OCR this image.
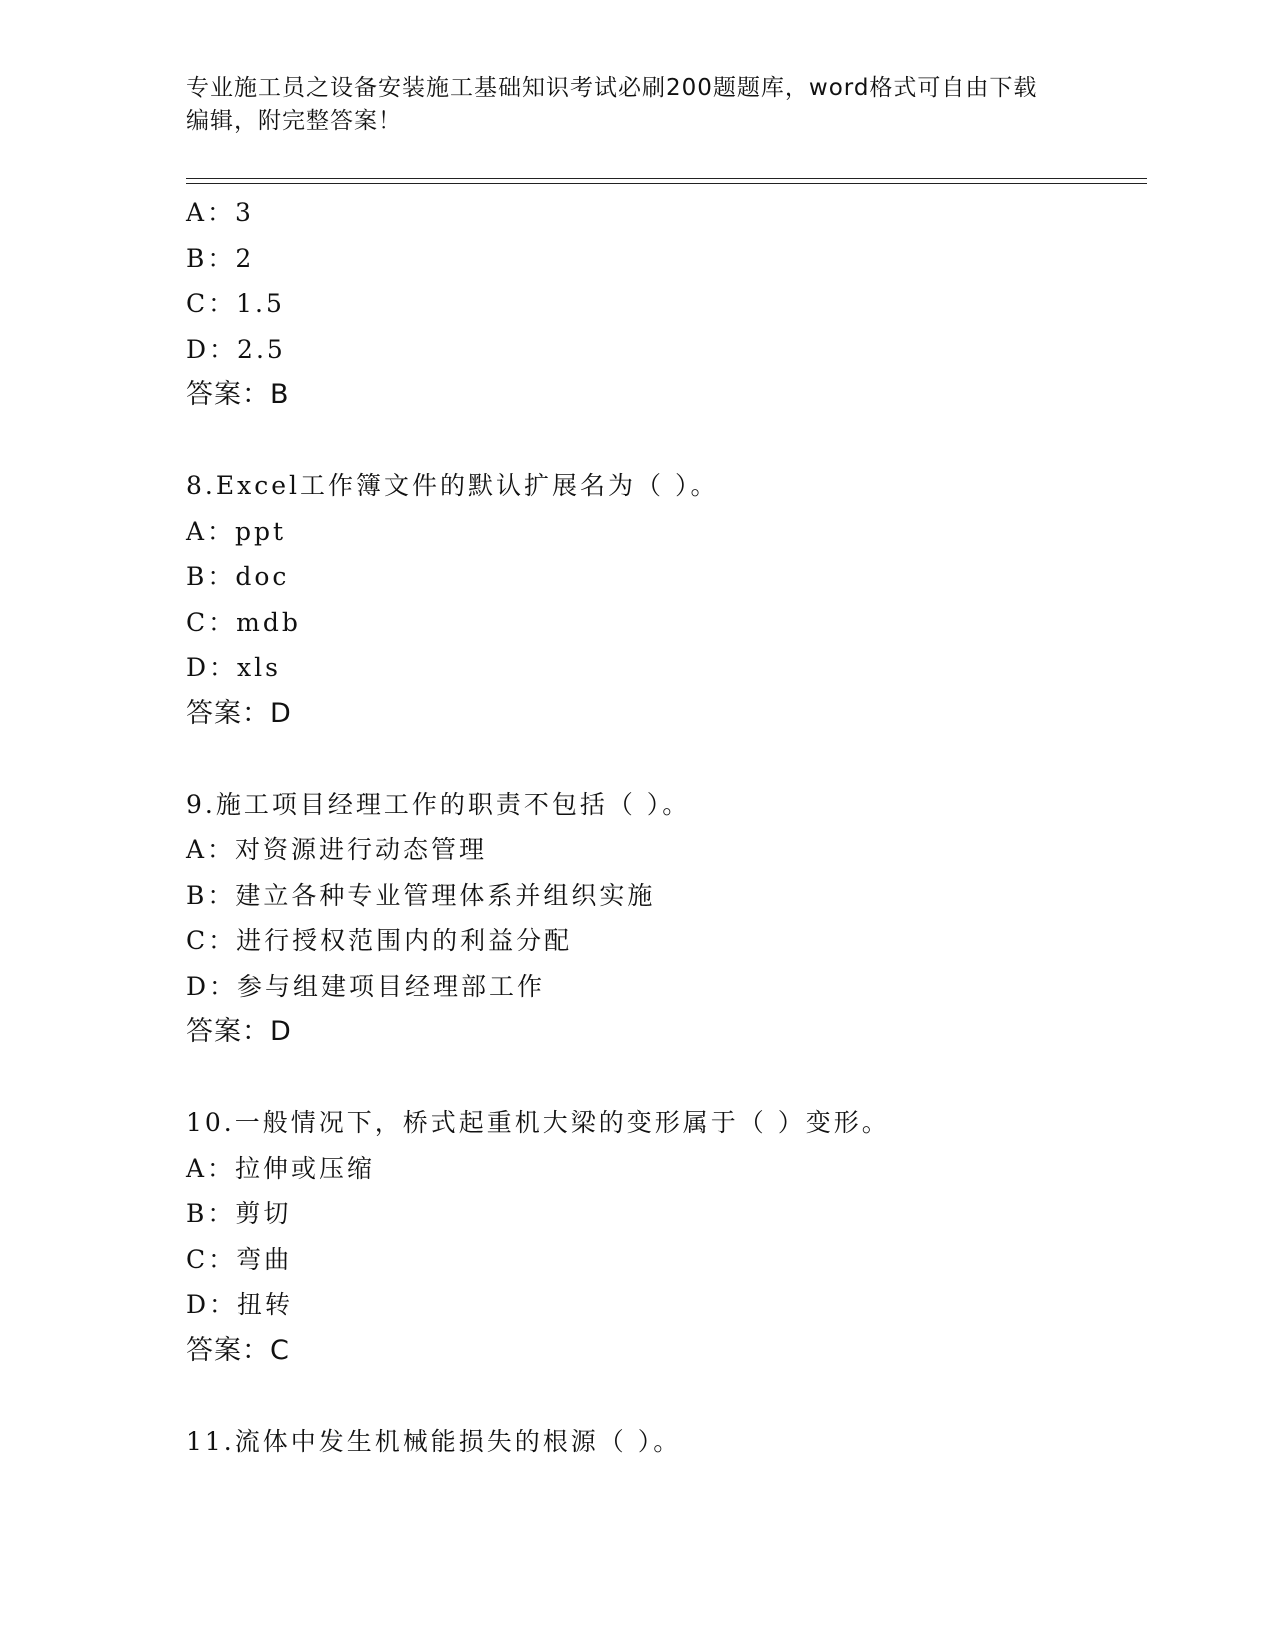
专业施工员之设备安装施工基础知识考试必刷200题题库，word格式可自由下载
编辑，附完整答案！
A：3
B：2
C：1.5
D：2.5
答案：B
8.Excel工作簿文件的默认扩展名为（ ）。
A：ppt
B：doc
C：mdb
D：xls
答案：D
9.施工项目经理工作的职责不包括（ ）。
A：对资源进行动态管理
B：建立各种专业管理体系并组织实施
C：进行授权范围内的利益分配
D：参与组建项目经理部工作
答案：D
10.一般情况下，桥式起重机大梁的变形属于（ ）变形。
A：拉伸或压缩
B：剪切
C：弯曲
D：扭转
答案：C
11.流体中发生机械能损失的根源（ ）。
